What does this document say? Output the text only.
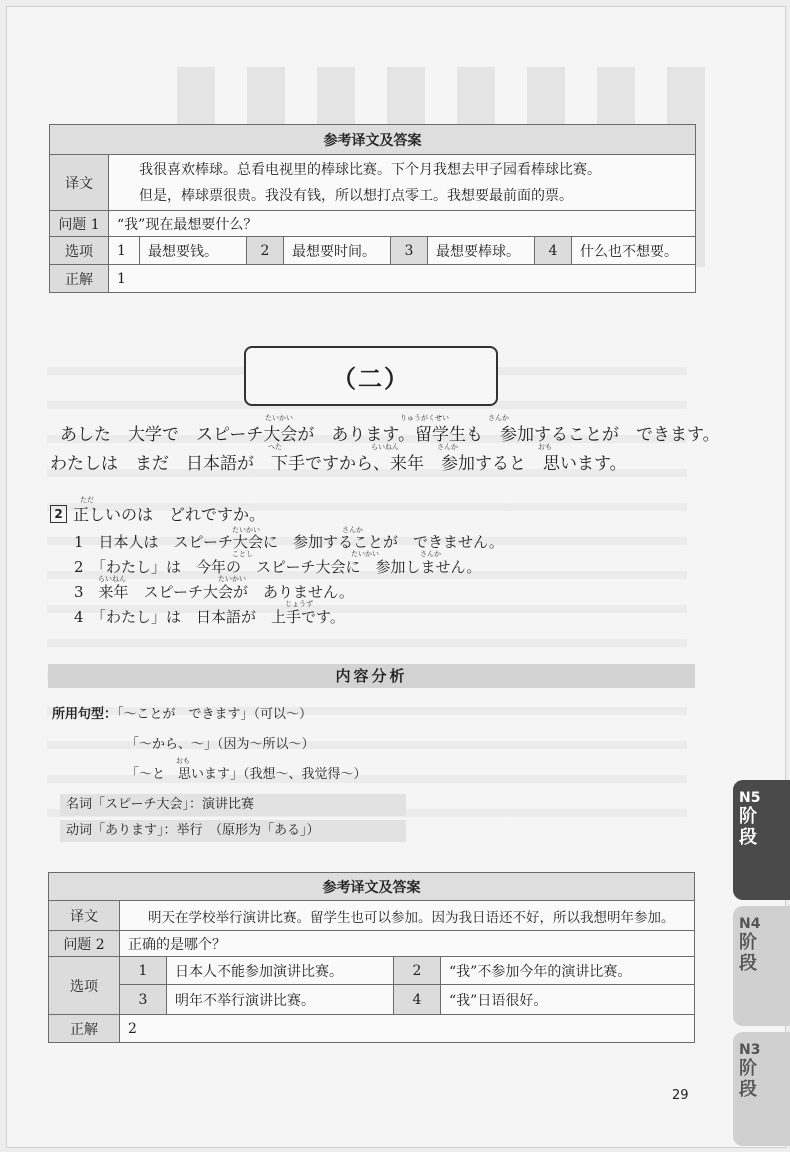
参考译文及答案								
译文	我很喜欢棒球。总看电视里的棒球比赛。下个月我想去甲子园看棒球比赛。
但是，棒球票很贵。我没有钱，所以想打点零工。我想要最前面的票。							

问题 1	“我”现在最想要什么？							
选项	1	最想要钱。	2	最想要时间。	3	最想要棒球。	4	什么也不想要。
正解	1							
（二）
たいかい	りゅうがくせい	さんか
へた	らいねん	さんか	おも
あした　大学で　スピーチ大会が　あります。留学生も　参加することが　できます。
わたしは　まだ　日本語が　下手ですから、来年　参加すると　思います。
ただ
2 正しいのは　どれですか。
たいかい	さんか
1　日本人は　スピーチ大会に　参加することが　できません。
ことし	たいかい	さんか
2　「わたし」は　今年の　スピーチ大会に　参加しません。
らいねん	たいかい
3　来年　スピーチ大会が　ありません。
じょうず
4　「わたし」は　日本語が　上手です。
内容分析
所用句型：「～ことが　できます」（可以～）
「～から、～」（因为～所以～）
おも
「～と　思います」（我想～、我觉得～）
名词「スピーチ大会」：演讲比赛
动词「あります」：举行　（原形为「ある」）
参考译文及答案				
译文	明天在学校举行演讲比赛。留学生也可以参加。因为我日语还不好，所以我想明年参加。			
问题 2	正确的是哪个？			
选项	1	日本人不能参加演讲比赛。	2	“我”不参加今年的演讲比赛。
	3	明年不举行演讲比赛。	4	“我”日语很好。
正解	2			
N5
阶
段
N4
阶
段
N3
阶
段
29
